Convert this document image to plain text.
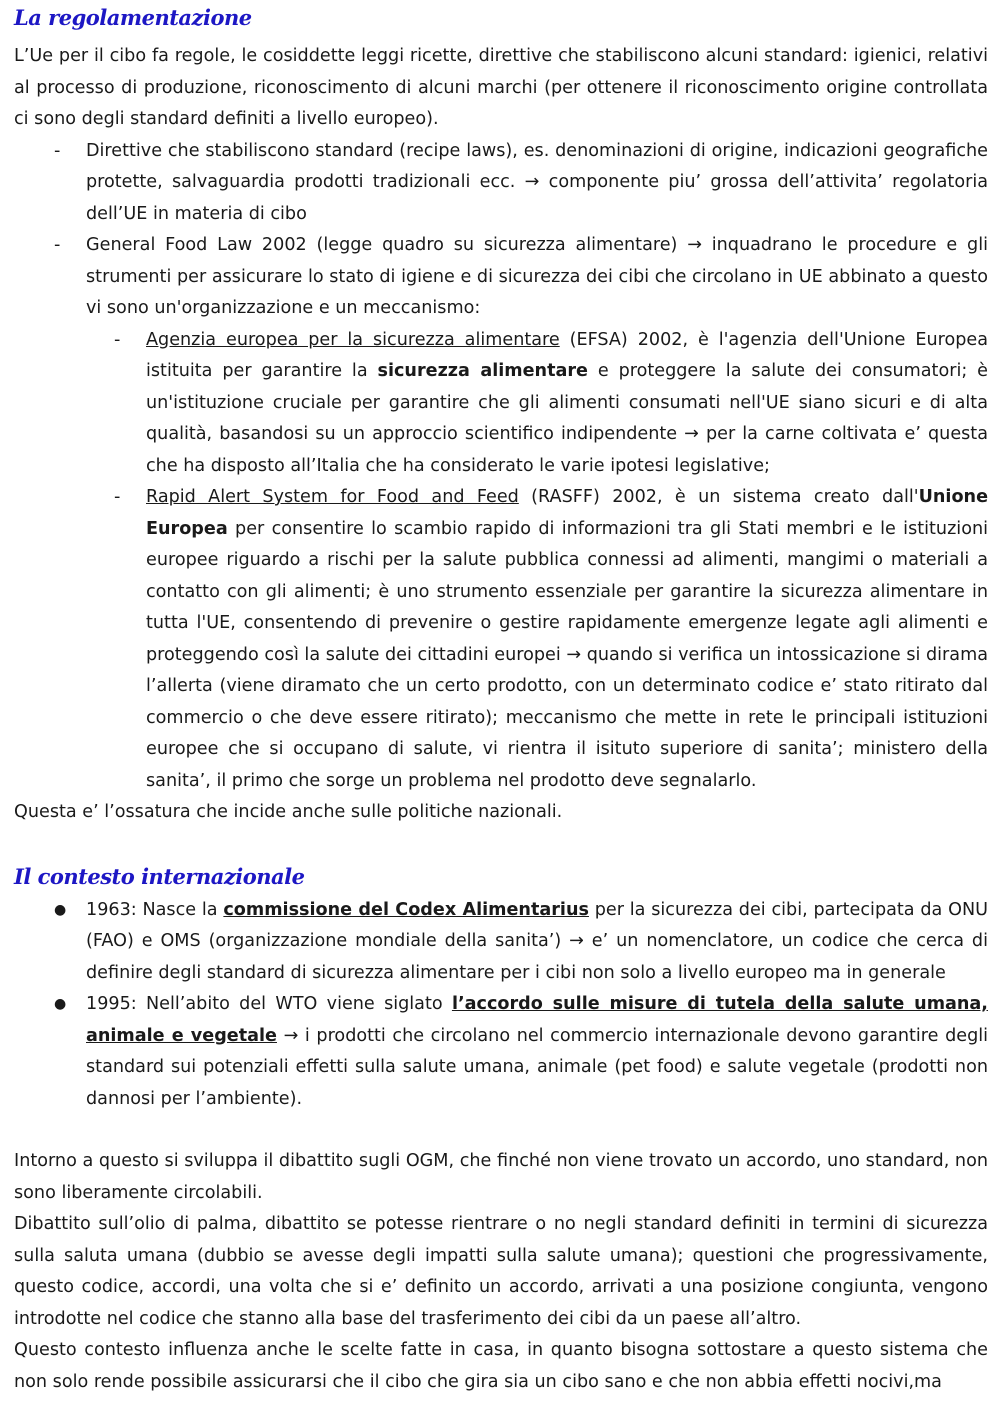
La regolamentazione

L’Ue per il cibo fa regole, le cosiddette leggi ricette, direttive che stabiliscono alcuni standard: igienici, relativi al processo di produzione, riconoscimento di alcuni marchi (per ottenere il riconoscimento origine controllata ci sono degli standard definiti a livello europeo).

-	Direttive che stabiliscono standard (recipe laws), es. denominazioni di origine, indicazioni geografiche protette, salvaguardia prodotti tradizionali ecc. → componente piu’ grossa dell’attivita’ regolatoria dell’UE in materia di cibo

-	General Food Law 2002 (legge quadro su sicurezza alimentare) → inquadrano le procedure e gli strumenti per assicurare lo stato di igiene e di sicurezza dei cibi che circolano in UE abbinato a questo vi sono un'organizzazione e un meccanismo:

-	Agenzia europea per la sicurezza alimentare (EFSA) 2002, è l'agenzia dell'Unione Europea istituita per garantire la sicurezza alimentare e proteggere la salute dei consumatori; è un'istituzione cruciale per garantire che gli alimenti consumati nell'UE siano sicuri e di alta qualità, basandosi su un approccio scientifico indipendente → per la carne coltivata e’ questa che ha disposto all’Italia che ha considerato le varie ipotesi legislative;

-	Rapid Alert System for Food and Feed (RASFF) 2002, è un sistema creato dall'Unione Europea per consentire lo scambio rapido di informazioni tra gli Stati membri e le istituzioni europee riguardo a rischi per la salute pubblica connessi ad alimenti, mangimi o materiali a contatto con gli alimenti; è uno strumento essenziale per garantire la sicurezza alimentare in tutta l'UE, consentendo di prevenire o gestire rapidamente emergenze legate agli alimenti e proteggendo così la salute dei cittadini europei → quando si verifica un intossicazione si dirama l’allerta (viene diramato che un certo prodotto, con un determinato codice e’ stato ritirato dal commercio o che deve essere ritirato); meccanismo che mette in rete le principali istituzioni europee che si occupano di salute, vi rientra il isituto superiore di sanita’; ministero della sanita’, il primo che sorge un problema nel prodotto deve segnalarlo.

Questa e’ l’ossatura che incide anche sulle politiche nazionali.

Il contesto internazionale
●	1963: Nasce la commissione del Codex Alimentarius per la sicurezza dei cibi, partecipata da ONU (FAO) e OMS (organizzazione mondiale della sanita’) → e’ un nomenclatore, un codice che cerca di definire degli standard di sicurezza alimentare per i cibi non solo a livello europeo ma in generale

●	1995: Nell’abito del WTO viene siglato l’accordo sulle misure di tutela della salute umana, animale e vegetale → i prodotti che circolano nel commercio internazionale devono garantire degli standard sui potenziali effetti sulla salute umana, animale (pet food) e salute vegetale (prodotti non dannosi per l’ambiente).

Intorno a questo si sviluppa il dibattito sugli OGM, che finché non viene trovato un accordo, uno standard, non sono liberamente circolabili.

Dibattito sull’olio di palma, dibattito se potesse rientrare o no negli standard definiti in termini di sicurezza sulla saluta umana (dubbio se avesse degli impatti sulla salute umana); questioni che progressivamente, questo codice, accordi, una volta che si e’ definito un accordo, arrivati a una posizione congiunta, vengono introdotte nel codice che stanno alla base del trasferimento dei cibi da un paese all’altro.

Questo contesto influenza anche le scelte fatte in casa, in quanto bisogna sottostare a questo sistema che non solo rende possibile assicurarsi che il cibo che gira sia un cibo sano e che non abbia effetti nocivi,ma
